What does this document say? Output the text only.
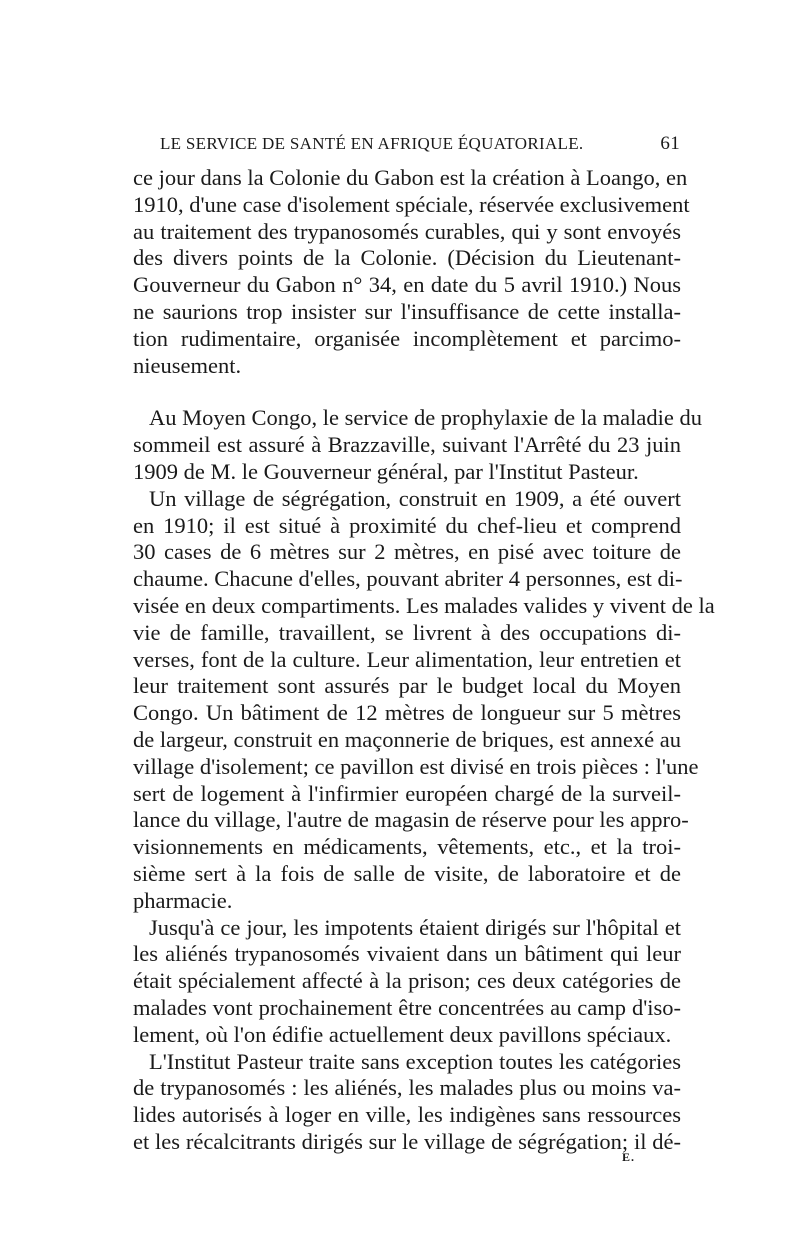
LE SERVICE DE SANTÉ EN AFRIQUE ÉQUATORIALE.	61

ce jour dans la Colonie du Gabon est la création à Loango, en
1910, d'une case d'isolement spéciale, réservée exclusivement
au traitement des trypanosomés curables, qui y sont envoyés
des divers points de la Colonie. (Décision du Lieutenant-
Gouverneur du Gabon n° 34, en date du 5 avril 1910.) Nous
ne saurions trop insister sur l'insuffisance de cette installa-
tion rudimentaire, organisée incomplètement et parcimo-
nieusement.

Au Moyen Congo, le service de prophylaxie de la maladie du
sommeil est assuré à Brazzaville, suivant l'Arrêté du 23 juin
1909 de M. le Gouverneur général, par l'Institut Pasteur.

Un village de ségrégation, construit en 1909, a été ouvert
en 1910; il est situé à proximité du chef-lieu et comprend
30 cases de 6 mètres sur 2 mètres, en pisé avec toiture de
chaume. Chacune d'elles, pouvant abriter 4 personnes, est di-
visée en deux compartiments. Les malades valides y vivent de la
vie de famille, travaillent, se livrent à des occupations di-
verses, font de la culture. Leur alimentation, leur entretien et
leur traitement sont assurés par le budget local du Moyen
Congo. Un bâtiment de 12 mètres de longueur sur 5 mètres
de largeur, construit en maçonnerie de briques, est annexé au
village d'isolement; ce pavillon est divisé en trois pièces : l'une
sert de logement à l'infirmier européen chargé de la surveil-
lance du village, l'autre de magasin de réserve pour les appro-
visionnements en médicaments, vêtements, etc., et la troi-
sième sert à la fois de salle de visite, de laboratoire et de
pharmacie.

Jusqu'à ce jour, les impotents étaient dirigés sur l'hôpital et
les aliénés trypanosomés vivaient dans un bâtiment qui leur
était spécialement affecté à la prison; ces deux catégories de
malades vont prochainement être concentrées au camp d'iso-
lement, où l'on édifie actuellement deux pavillons spéciaux.

L'Institut Pasteur traite sans exception toutes les catégories
de trypanosomés : les aliénés, les malades plus ou moins va-
lides autorisés à loger en ville, les indigènes sans ressources
et les récalcitrants dirigés sur le village de ségrégation; il dé-

E.
